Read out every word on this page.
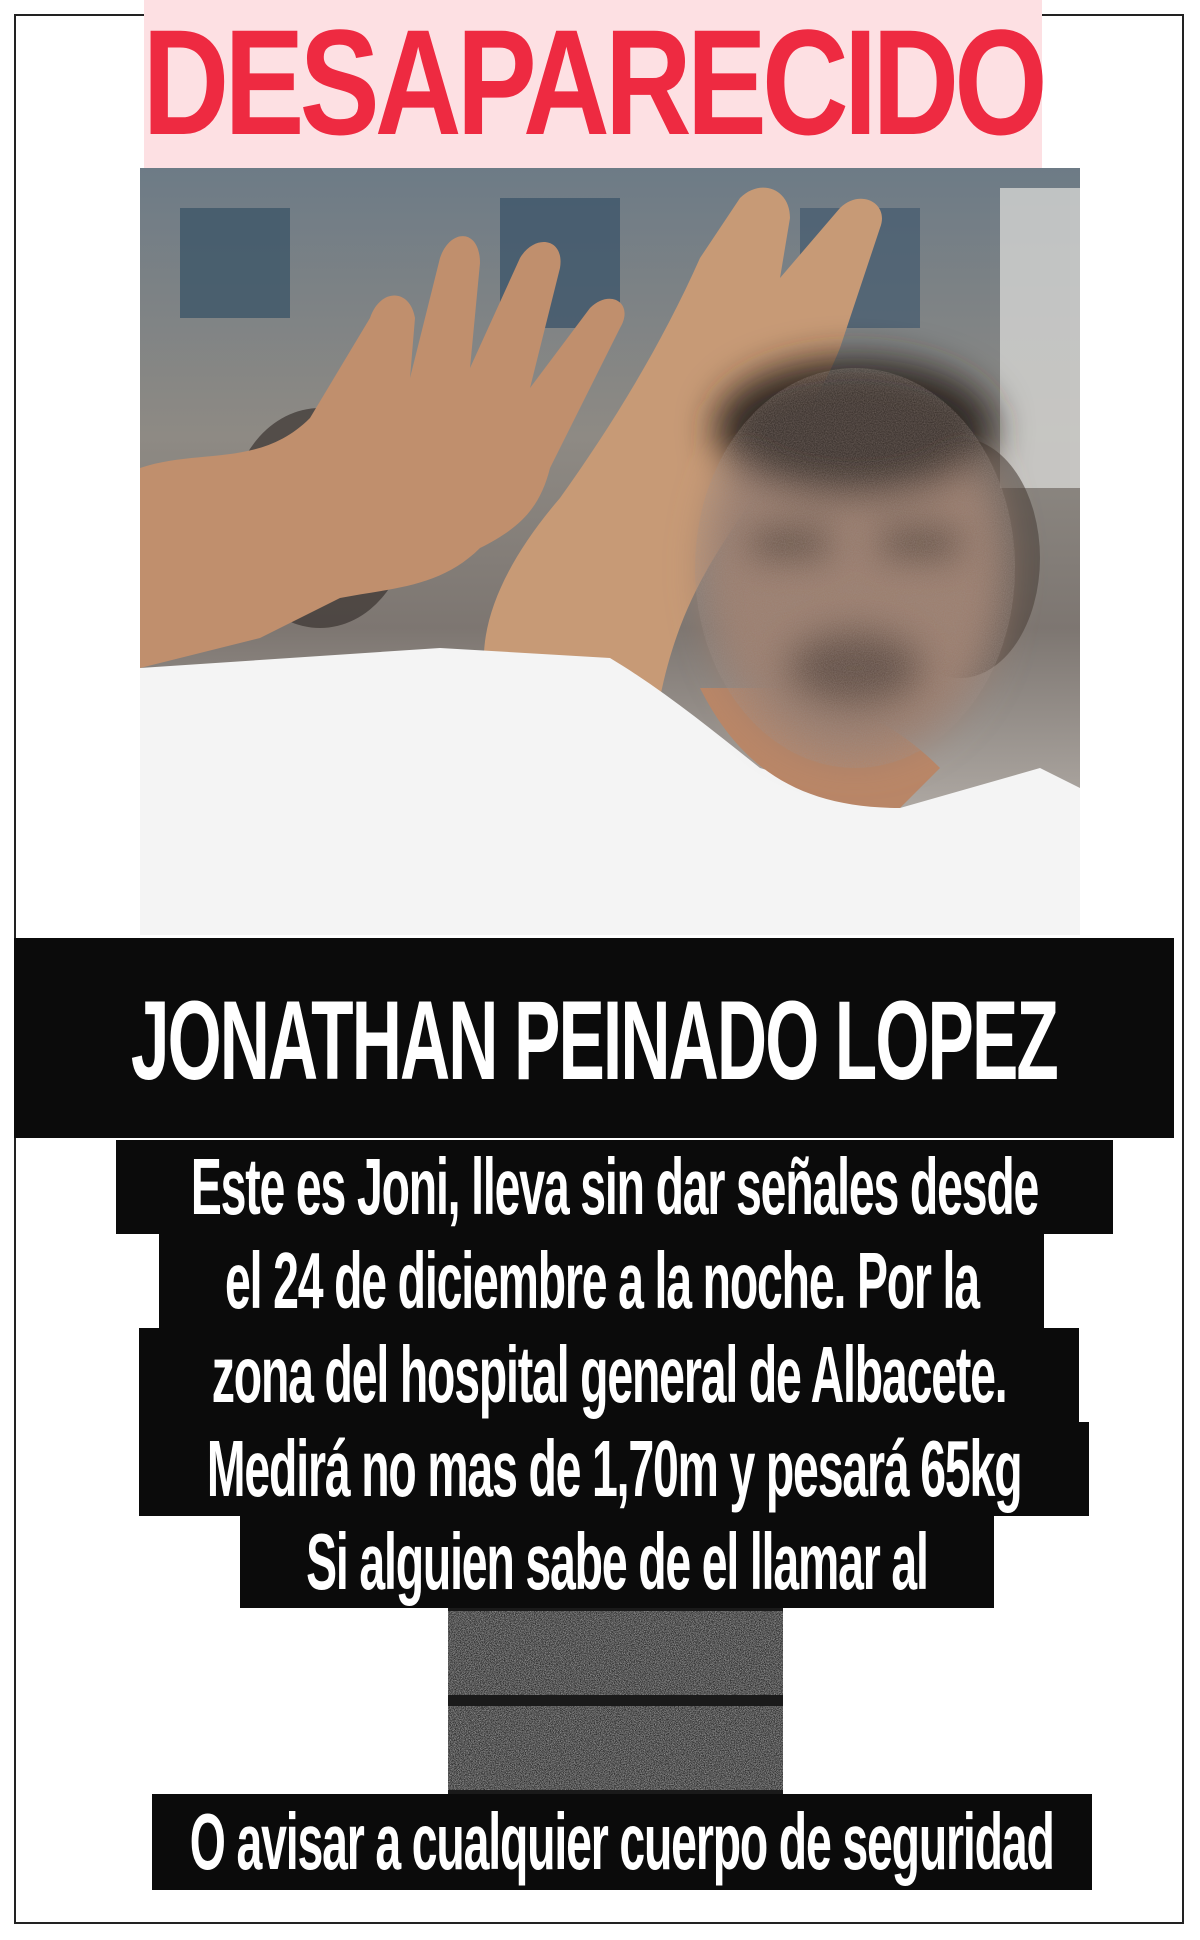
DESAPARECIDO
JONATHAN PEINADO LOPEZ
Este es Joni, lleva sin dar señales desde
el 24 de diciembre a la noche. Por la
zona del hospital general de Albacete.
Medirá no mas de 1,70m y pesará 65kg
Si alguien sabe de el llamar al
O avisar a cualquier cuerpo de seguridad
